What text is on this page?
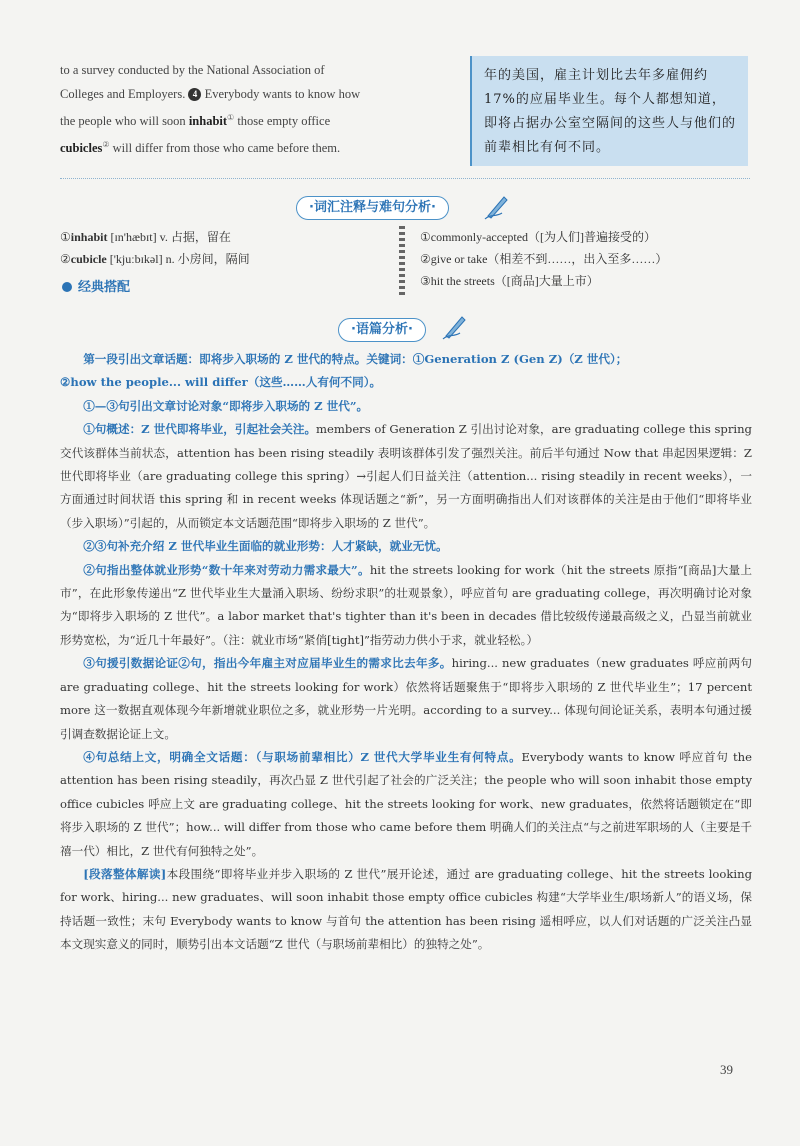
to a survey conducted by the National Association of
Colleges and Employers. 4 Everybody wants to know how
the people who will soon inhabit① those empty office
cubicles② will differ from those who came before them.
年的美国，雇主计划比去年多雇佣约17%的应届毕业生。每个人都想知道，即将占据办公室空隔间的这些人与他们的前辈相比有何不同。
·词汇注释与难句分析·
①inhabit [ɪn'hæbɪt] v. 占据，留在
②cubicle ['kjuːbɪkəl] n. 小房间，隔间
①commonly-accepted（[为人们]普遍接受的）
②give or take（相差不到……，出入至多……）
③hit the streets（[商品]大量上市）
经典搭配
·语篇分析·

第一段引出文章话题：即将步入职场的 Z 世代的特点。关键词：①Generation Z (Gen Z)（Z 世代）；

②how the people... will differ（这些……人有何不同）。

①—③句引出文章讨论对象“即将步入职场的 Z 世代”。

①句概述：Z 世代即将毕业，引起社会关注。members of Generation Z 引出讨论对象，are graduating college this spring 交代该群体当前状态，attention has been rising steadily 表明该群体引发了强烈关注。前后半句通过 Now that 串起因果逻辑：Z 世代即将毕业（are graduating college this spring）→引起人们日益关注（attention... rising steadily in recent weeks），一方面通过时间状语 this spring 和 in recent weeks 体现话题之“新”，另一方面明确指出人们对该群体的关注是由于他们“即将毕业（步入职场）”引起的，从而锁定本文话题范围“即将步入职场的 Z 世代”。

②③句补充介绍 Z 世代毕业生面临的就业形势：人才紧缺，就业无忧。

②句指出整体就业形势“数十年来对劳动力需求最大”。hit the streets looking for work（hit the streets 原指“[商品]大量上市”，在此形象传递出“Z 世代毕业生大量涌入职场、纷纷求职”的壮观景象），呼应首句 are graduating college，再次明确讨论对象为“即将步入职场的 Z 世代”。a labor market that's tighter than it's been in decades 借比较级传递最高级之义，凸显当前就业形势宽松，为“近几十年最好”。（注：就业市场“紧俏[tight]”指劳动力供小于求，就业轻松。）

③句援引数据论证②句，指出今年雇主对应届毕业生的需求比去年多。hiring... new graduates（new graduates 呼应前两句 are graduating college、hit the streets looking for work）依然将话题聚焦于“即将步入职场的 Z 世代毕业生”；17 percent more 这一数据直观体现今年新增就业职位之多，就业形势一片光明。according to a survey... 体现句间论证关系，表明本句通过援引调查数据论证上文。

④句总结上文，明确全文话题：（与职场前辈相比）Z 世代大学毕业生有何特点。Everybody wants to know 呼应首句 the attention has been rising steadily，再次凸显 Z 世代引起了社会的广泛关注；the people who will soon inhabit those empty office cubicles 呼应上文 are graduating college、hit the streets looking for work、new graduates，依然将话题锁定在“即将步入职场的 Z 世代”；how... will differ from those who came before them 明确人们的关注点“与之前进军职场的人（主要是千禧一代）相比，Z 世代有何独特之处”。

[段落整体解读]本段围绕“即将毕业并步入职场的 Z 世代”展开论述，通过 are graduating college、hit the streets looking for work、hiring... new graduates、will soon inhabit those empty office cubicles 构建“大学毕业生/职场新人”的语义场，保持话题一致性；末句 Everybody wants to know 与首句 the attention has been rising 遥相呼应，以人们对话题的广泛关注凸显本文现实意义的同时，顺势引出本文话题“Z 世代（与职场前辈相比）的独特之处”。

39
